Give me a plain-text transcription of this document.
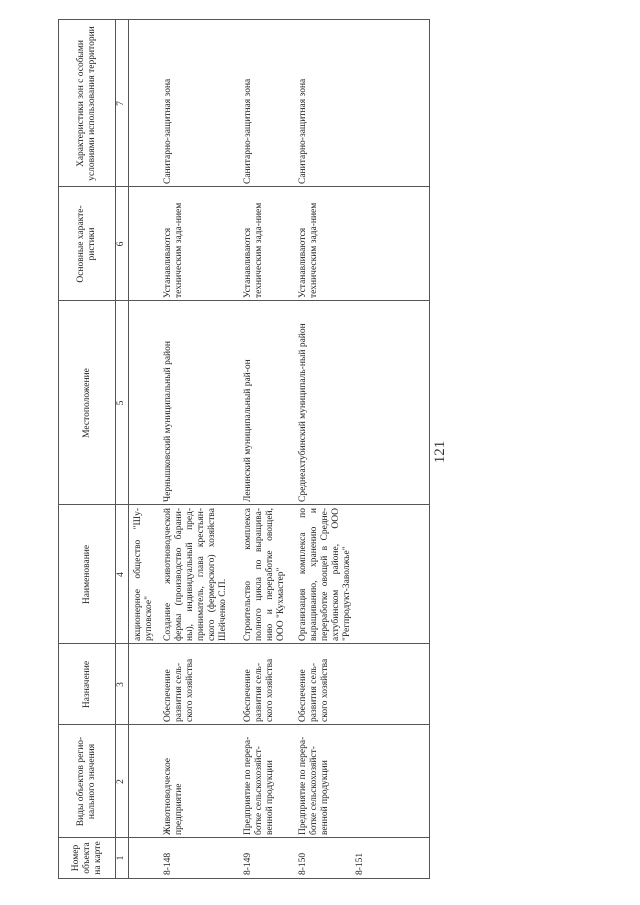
121
Номер объекта на карте
Виды объектов регио-нального значения
Назначение
Наименование
Местоположение
Основные характе-ристики
Характеристики зон с особыми условиями использования территории
1
2
3
4
5
6
7
акционерное общество "Шу-руповское"
8-148
Животноводческое предприятие
Обеспечение развития сель-ского хозяйства
Создание животноводческой фермы (производство барани-ны), индивидуальный пред-приниматель, глава крестьян-ского (фермерского) хозяйства Шейченко С.П.
Чернышковский муниципальный район
Устанавливаются техническим зада-нием
Санитарно-защитная зона
8-149
Предприятие по перера-ботке сельскохозяйст-венной продукции
Обеспечение развития сель-ского хозяйства
Строительство комплекса полного цикла по выращива-нию и переработке овощей, ООО "Кухмастер"
Ленинский муниципальный рай-он
Устанавливаются техническим зада-нием
Санитарно-защитная зона
8-150
Предприятие по перера-ботке сельскохозяйст-венной продукции
Обеспечение развития сель-ского хозяйства
Организация комплекса по выращиванию, хранению и переработке овощей в Средне-ахтубинском районе, ООО "Регпродукт-Заволжье"
Среднеахтубинский муниципаль-ный район
Устанавливаются техническим зада-нием
Санитарно-защитная зона
8-151
